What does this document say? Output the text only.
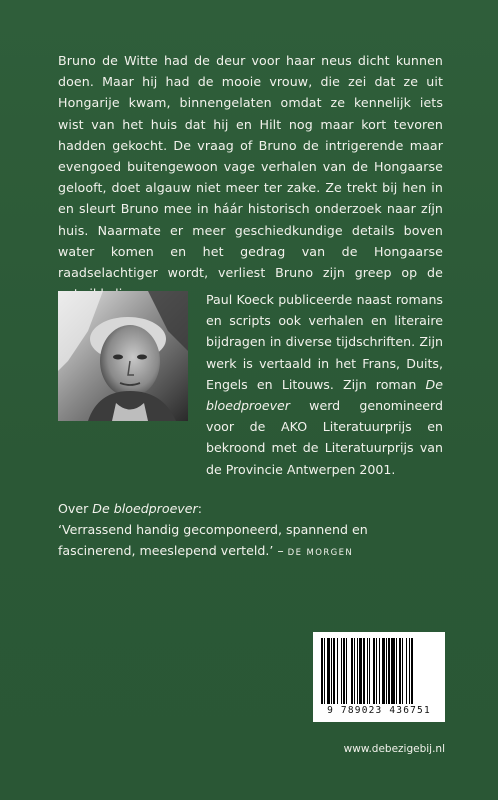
Bruno de Witte had de deur voor haar neus dicht kunnen doen. Maar hij had de mooie vrouw, die zei dat ze uit Hongarije kwam, binnengelaten omdat ze kennelijk iets wist van het huis dat hij en Hilt nog maar kort tevoren hadden gekocht. De vraag of Bruno de intrigerende maar evengoed buitengewoon vage verhalen van de Hongaarse gelooft, doet algauw niet meer ter zake. Ze trekt bij hen in en sleurt Bruno mee in háár historisch onderzoek naar zíjn huis. Naarmate er meer geschiedkundige details boven water komen en het gedrag van de Hongaarse raadselachtiger wordt, verliest Bruno zijn greep op de

Paul Koeck publiceerde naast romans en scripts ook verhalen en literaire bijdragen in diverse tijdschriften. Zijn werk is vertaald in het Frans, Duits, Engels en Litouws. Zijn roman De bloedproever werd genomineerd voor de AKO Literatuurprijs en bekroond met de Literatuurprijs van de Provincie Antwerpen 2001.

Over De bloedproever:

‘Verrassend handig gecomponeerd, spannend en fascinerend, meeslepend verteld.’ – DE MORGEN

9 789023 436751
www.debezigebij.nl
